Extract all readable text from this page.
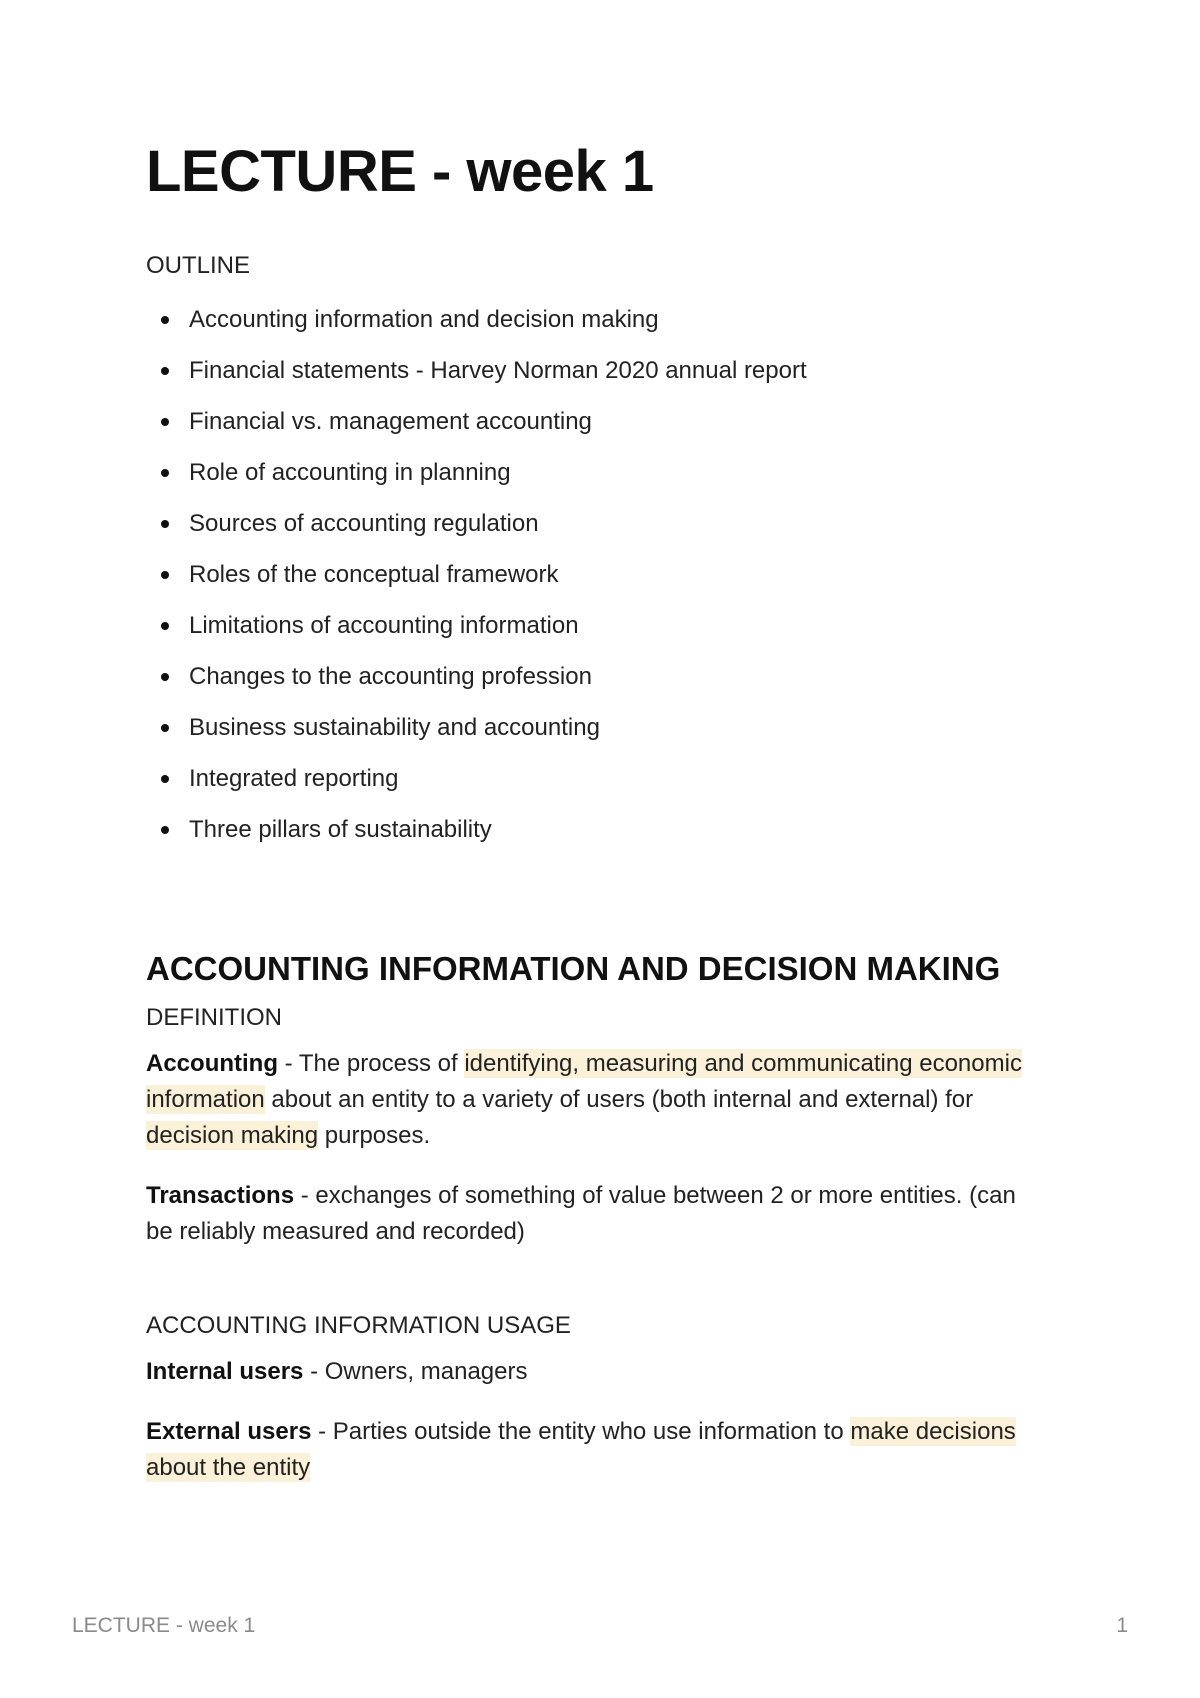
LECTURE - week 1
OUTLINE
Accounting information and decision making
Financial statements - Harvey Norman 2020 annual report
Financial vs. management accounting
Role of accounting in planning
Sources of accounting regulation
Roles of the conceptual framework
Limitations of accounting information
Changes to the accounting profession
Business sustainability and accounting
Integrated reporting
Three pillars of sustainability
ACCOUNTING INFORMATION AND DECISION MAKING
DEFINITION

Accounting - The process of identifying, measuring and communicating economic information about an entity to a variety of users (both internal and external) for decision making purposes.

Transactions - exchanges of something of value between 2 or more entities. (can be reliably measured and recorded)

ACCOUNTING INFORMATION USAGE

Internal users - Owners, managers

External users - Parties outside the entity who use information to make decisions about the entity

LECTURE - week 1	1
